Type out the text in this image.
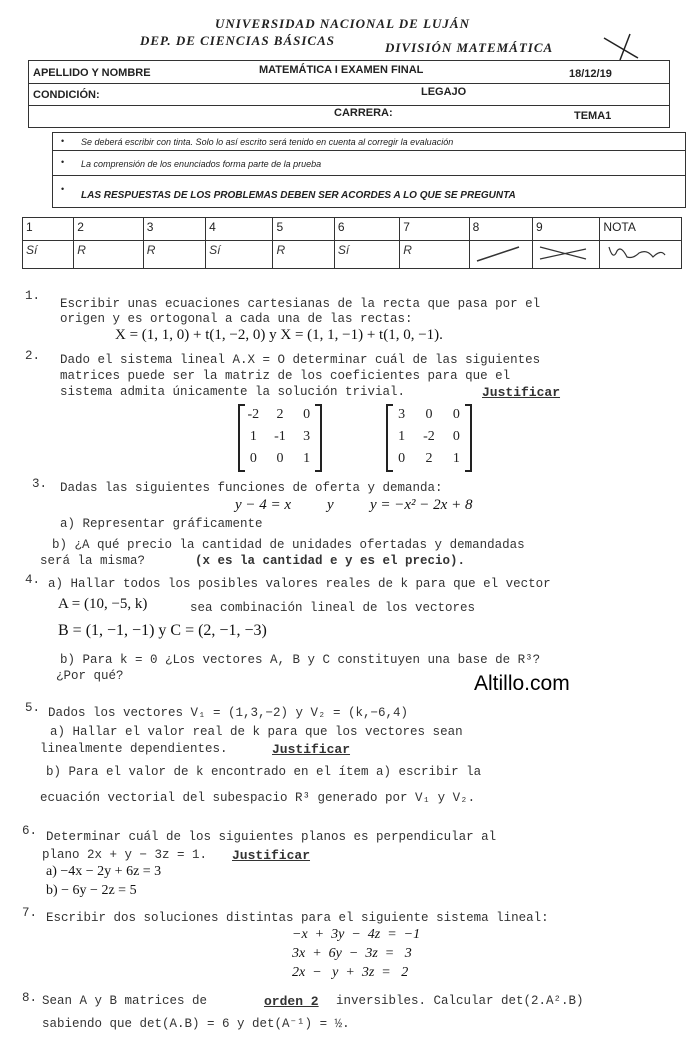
UNIVERSIDAD NACIONAL DE LUJÁN
DEP. DE CIENCIAS BÁSICAS	DIVISIÓN MATEMÁTICA
MATEMÁTICA I EXAMEN FINAL	18/12/19
APELLIDO Y NOMBRE
LEGAJO
CONDICIÓN:
CARRERA:	TEMA1
• Se deberá escribir con tinta. Solo lo así escrito será tenido en cuenta al corregir la evaluación
• La comprensión de los enunciados forma parte de la prueba
•
LAS RESPUESTAS DE LOS PROBLEMAS DEBEN SER ACORDES A LO QUE SE PREGUNTA
1	2	3	4	5	6	7	8	9	NOTA
Sí	R	R	Sí	R	Sí	R			
1.
Escribir unas ecuaciones cartesianas de la recta que pasa por el
origen y es ortogonal a cada una de las rectas:
X = (1, 1, 0) + t(1, −2, 0) y X = (1, 1, −1) + t(1, 0, −1).
2. Dado el sistema lineal A.X = O determinar cuál de las siguientes
matrices puede ser la matriz de los coeficientes para que el
sistema admita únicamente la solución trivial.	Justificar
-2	2	0
1	-1	3
0	0	1
3	0	0
1	-2	0
0	2	1
3. Dadas las siguientes funciones de oferta y demanda:
y − 4 = x y y = −x² − 2x + 8
a) Representar gráficamente
b) ¿A qué precio la cantidad de unidades ofertadas y demandadas
será la misma?	(x es la cantidad e y es el precio).
4. a) Hallar todos los posibles valores reales de k para que el vector
A = (10, −5, k)	sea combinación lineal de los vectores
B = (1, −1, −1) y C = (2, −1, −3)
b) Para k = 0 ¿Los vectores A, B y C constituyen una base de R³?
¿Por qué?	Altillo.com
5. Dados los vectores V₁ = (1,3,−2) y V₂ = (k,−6,4)
a) Hallar el valor real de k para que los vectores sean
linealmente dependientes.	Justificar
b) Para el valor de k encontrado en el ítem a) escribir la
ecuación vectorial del subespacio R³ generado por V₁ y V₂.
6. Determinar cuál de los siguientes planos es perpendicular al
plano 2x + y − 3z = 1. Justificar
a) −4x − 2y + 6z = 3
b) − 6y − 2z = 5
7. Escribir dos soluciones distintas para el siguiente sistema lineal:
−x  +  3y  −  4z  =  −1
3x  +  6y  −  3z  =   3
2x  −   y  +  3z  =   2
8. Sean A y B matrices de	orden 2 inversibles. Calcular det(2.A².B)
sabiendo que det(A.B) = 6 y det(A⁻¹) = ½.
